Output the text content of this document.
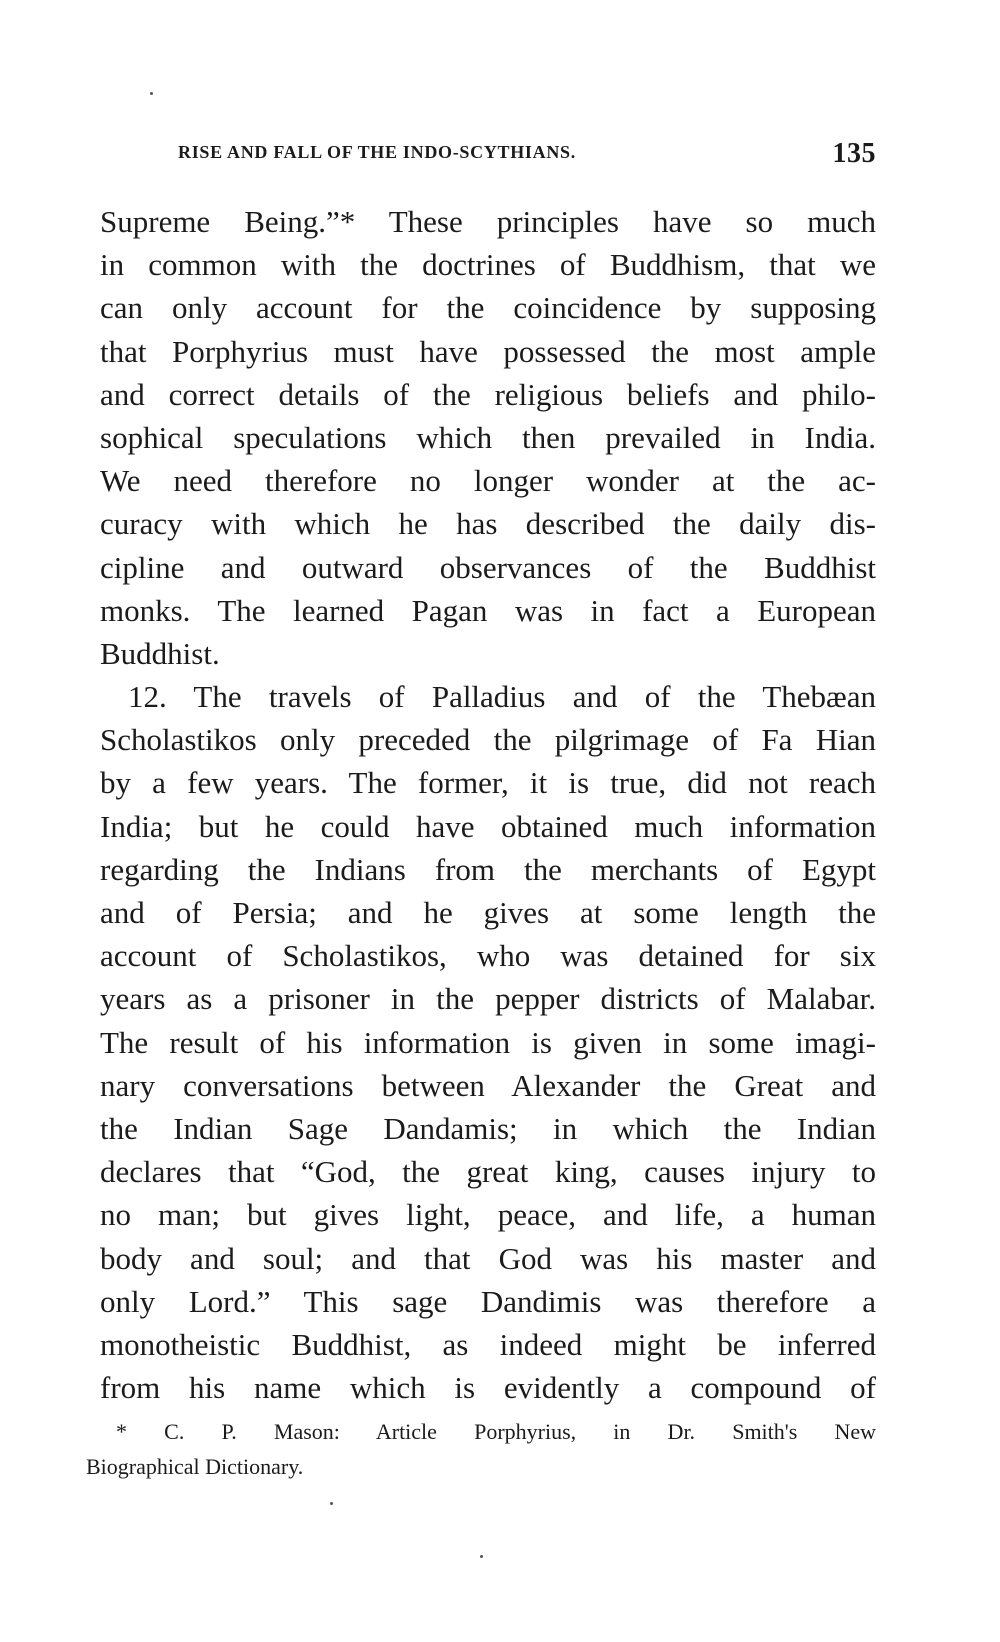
RISE AND FALL OF THE INDO-SCYTHIANS.	135
Supreme Being.”* These principles have so much
in common with the doctrines of Buddhism, that we
can only account for the coincidence by supposing
that Porphyrius must have possessed the most ample
and correct details of the religious beliefs and philo-
sophical speculations which then prevailed in India.
We need therefore no longer wonder at the ac-
curacy with which he has described the daily dis-
cipline and outward observances of the Buddhist
monks. The learned Pagan was in fact a European
Buddhist.
12. The travels of Palladius and of the Thebæan
Scholastikos only preceded the pilgrimage of Fa Hian
by a few years. The former, it is true, did not reach
India; but he could have obtained much information
regarding the Indians from the merchants of Egypt
and of Persia; and he gives at some length the
account of Scholastikos, who was detained for six
years as a prisoner in the pepper districts of Malabar.
The result of his information is given in some imagi-
nary conversations between Alexander the Great and
the Indian Sage Dandamis; in which the Indian
declares that “God, the great king, causes injury to
no man; but gives light, peace, and life, a human
body and soul; and that God was his master and
only Lord.” This sage Dandimis was therefore a
monotheistic Buddhist, as indeed might be inferred
from his name which is evidently a compound of
* C. P. Mason: Article Porphyrius, in Dr. Smith's New
Biographical Dictionary.
